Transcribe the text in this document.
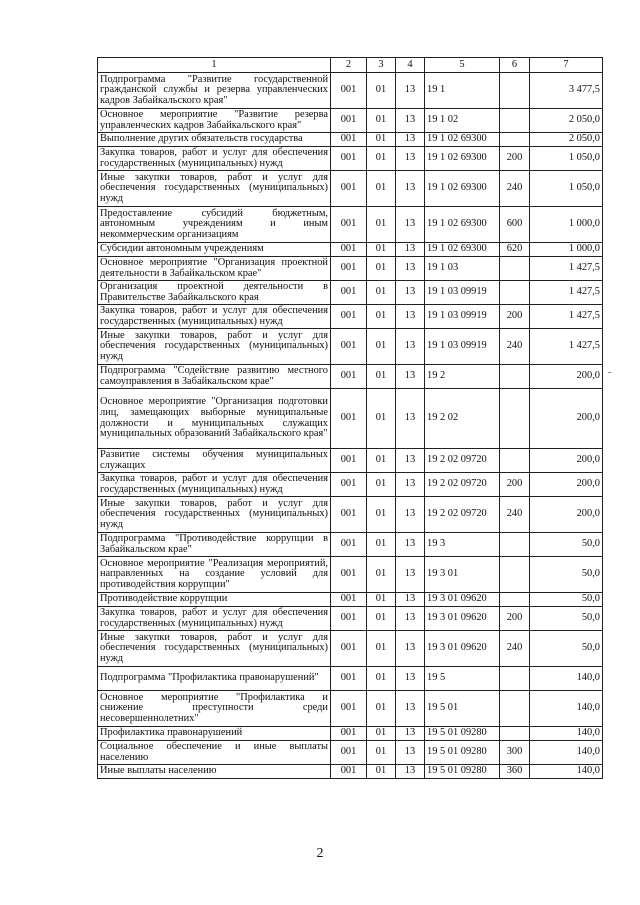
1	2	3	4	5	6	7
Подпрограмма "Развитие государственной гражданской службы и резерва управленческих кадров Забайкальского края"	001	01	13	19 1		3 477,5
Основное мероприятие "Развитие резерва управленческих кадров Забайкальского края"	001	01	13	19 1 02		2 050,0
Выполнение других обязательств государства	001	01	13	19 1 02 69300		2 050,0
Закупка товаров, работ и услуг для обеспечения государственных (муниципальных) нужд	001	01	13	19 1 02 69300	200	1 050,0
Иные закупки товаров, работ и услуг для обеспечения государственных (муниципальных) нужд	001	01	13	19 1 02 69300	240	1 050,0
Предоставление субсидий бюджетным, автономным учреждениям и иным некоммерческим организациям	001	01	13	19 1 02 69300	600	1 000,0
Субсидии автономным учреждениям	001	01	13	19 1 02 69300	620	1 000,0
Основное мероприятие "Организация проектной деятельности в Забайкальском крае"	001	01	13	19 1 03		1 427,5
Организация проектной деятельности в Правительстве Забайкальского края	001	01	13	19 1 03 09919		1 427,5
Закупка товаров, работ и услуг для обеспечения государственных (муниципальных) нужд	001	01	13	19 1 03 09919	200	1 427,5
Иные закупки товаров, работ и услуг для обеспечения государственных (муниципальных) нужд	001	01	13	19 1 03 09919	240	1 427,5
Подпрограмма "Содействие развитию местного самоуправления в Забайкальском крае"	001	01	13	19 2		200,0
Основное мероприятие "Организация подготовки лиц, замещающих выборные муниципальные должности и муниципальных служащих муниципальных образований Забайкальского края"	001	01	13	19 2 02		200,0
Развитие системы обучения муниципальных служащих	001	01	13	19 2 02 09720		200,0
Закупка товаров, работ и услуг для обеспечения государственных (муниципальных) нужд	001	01	13	19 2 02 09720	200	200,0
Иные закупки товаров, работ и услуг для обеспечения государственных (муниципальных) нужд	001	01	13	19 2 02 09720	240	200,0
Подпрограмма "Противодействие коррупции в Забайкальском крае"	001	01	13	19 3		50,0
Основное мероприятие "Реализация мероприятий, направленных на создание условий для противодействия коррупции"	001	01	13	19 3 01		50,0
Противодействие коррупции	001	01	13	19 3 01 09620		50,0
Закупка товаров, работ и услуг для обеспечения государственных (муниципальных) нужд	001	01	13	19 3 01 09620	200	50,0
Иные закупки товаров, работ и услуг для обеспечения государственных (муниципальных) нужд	001	01	13	19 3 01 09620	240	50,0
Подпрограмма "Профилактика правонарушений"	001	01	13	19 5		140,0
Основное мероприятие "Профилактика и снижение преступности среди несовершеннолетних"	001	01	13	19 5 01		140,0
Профилактика правонарушений	001	01	13	19 5 01 09280		140,0
Социальное обеспечение и иные выплаты населению	001	01	13	19 5 01 09280	300	140,0
Иные выплаты населению	001	01	13	19 5 01 09280	360	140,0
-
2
